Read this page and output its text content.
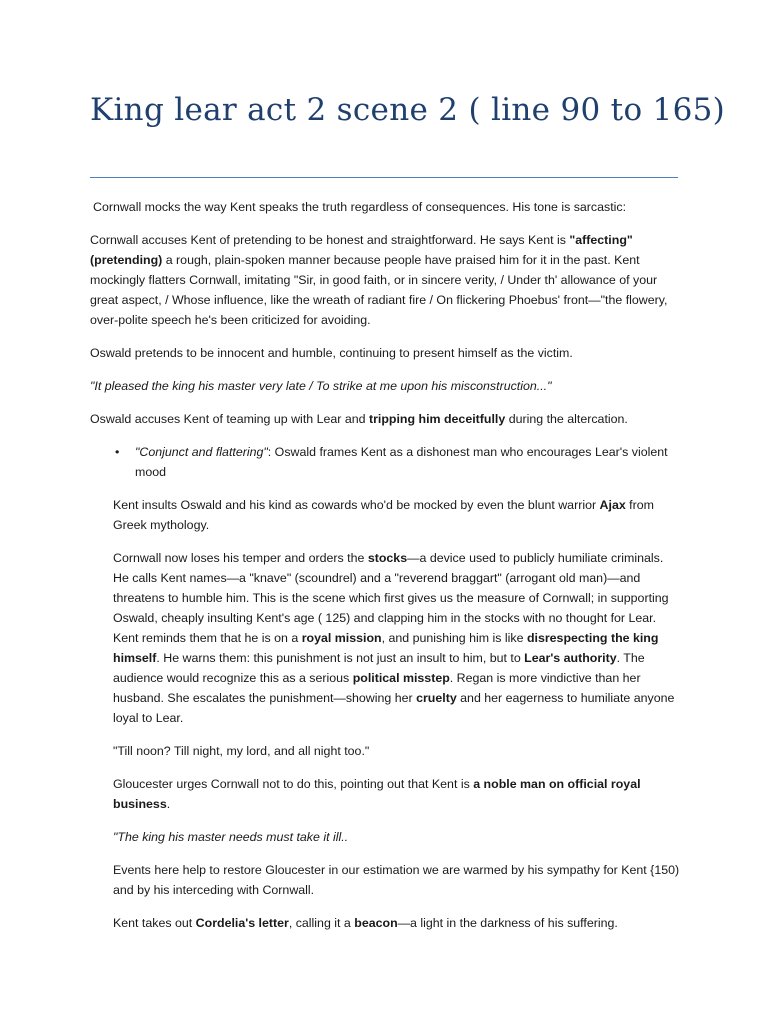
King lear act 2 scene 2 ( line 90 to 165)

Cornwall mocks the way Kent speaks the truth regardless of consequences. His tone is sarcastic:

Cornwall accuses Kent of pretending to be honest and straightforward. He says Kent is "affecting" (pretending) a rough, plain-spoken manner because people have praised him for it in the past. Kent mockingly flatters Cornwall, imitating "Sir, in good faith, or in sincere verity, / Under th' allowance of your great aspect, / Whose influence, like the wreath of radiant fire / On flickering Phoebus' front—"the flowery, over-polite speech he's been criticized for avoiding.

Oswald pretends to be innocent and humble, continuing to present himself as the victim.

"It pleased the king his master very late / To strike at me upon his misconstruction..."

Oswald accuses Kent of teaming up with Lear and tripping him deceitfully during the altercation.

• "Conjunct and flattering": Oswald frames Kent as a dishonest man who encourages Lear's violent mood

Kent insults Oswald and his kind as cowards who'd be mocked by even the blunt warrior Ajax from Greek mythology.

Cornwall now loses his temper and orders the stocks—a device used to publicly humiliate criminals. He calls Kent names—a "knave" (scoundrel) and a "reverend braggart" (arrogant old man)—and threatens to humble him. This is the scene which first gives us the measure of Cornwall; in supporting Oswald, cheaply insulting Kent's age ( 125) and clapping him in the stocks with no thought for Lear. Kent reminds them that he is on a royal mission, and punishing him is like disrespecting the king himself. He warns them: this punishment is not just an insult to him, but to Lear's authority. The audience would recognize this as a serious political misstep. Regan is more vindictive than her husband. She escalates the punishment—showing her cruelty and her eagerness to humiliate anyone loyal to Lear.

"Till noon? Till night, my lord, and all night too."

Gloucester urges Cornwall not to do this, pointing out that Kent is a noble man on official royal business.

"The king his master needs must take it ill..

Events here help to restore Gloucester in our estimation we are warmed by his sympathy for Kent {150) and by his interceding with Cornwall.

Kent takes out Cordelia's letter, calling it a beacon—a light in the darkness of his suffering.
